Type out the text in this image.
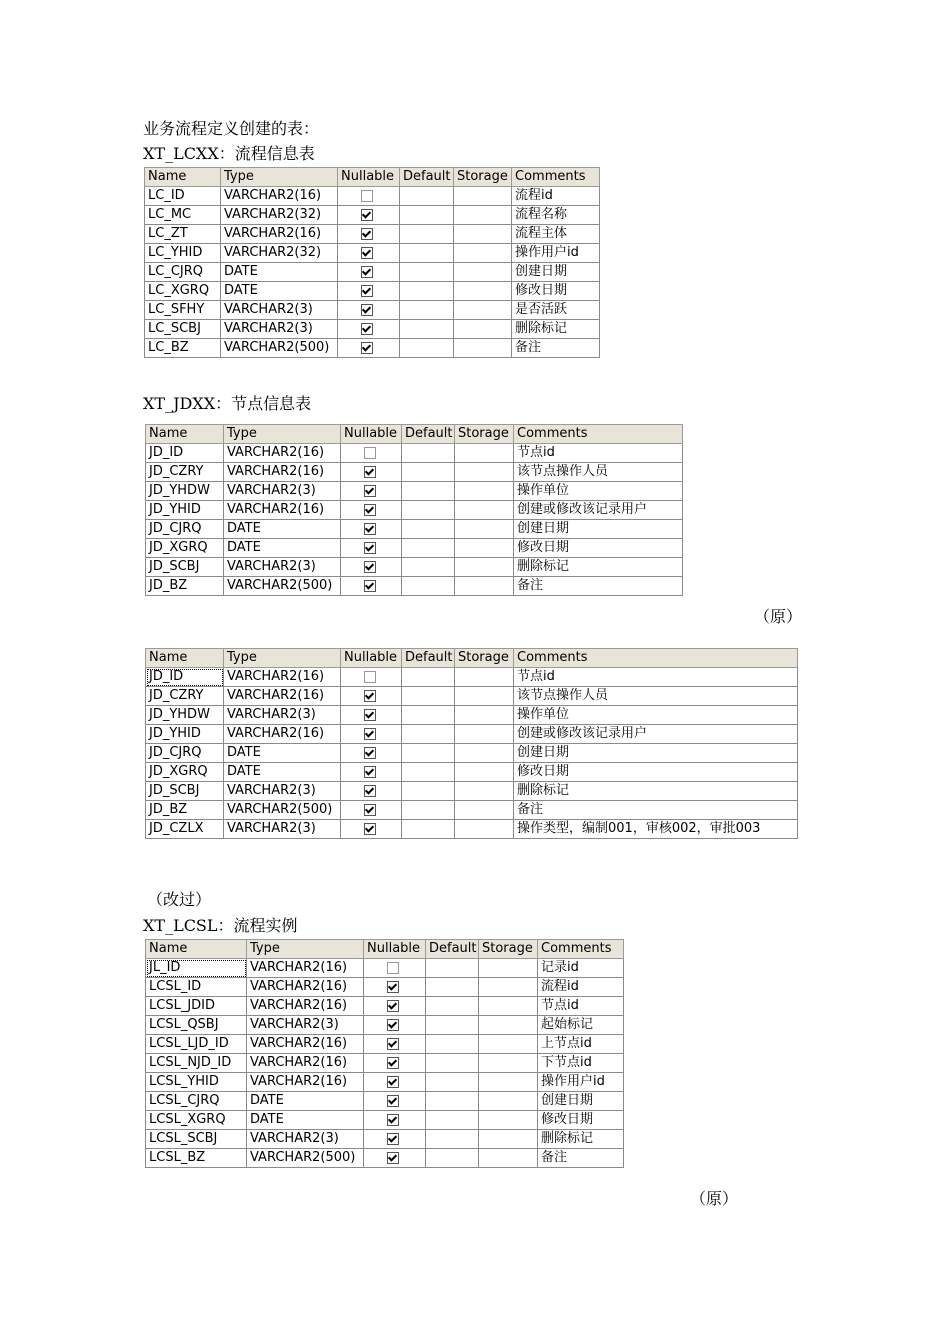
业务流程定义创建的表：
XT_LCXX：流程信息表
Name	Type	Nullable	Default	Storage	Comments
LC_ID	VARCHAR2(16)				流程id
LC_MC	VARCHAR2(32)				流程名称
LC_ZT	VARCHAR2(16)				流程主体
LC_YHID	VARCHAR2(32)				操作用户id
LC_CJRQ	DATE				创建日期
LC_XGRQ	DATE				修改日期
LC_SFHY	VARCHAR2(3)				是否活跃
LC_SCBJ	VARCHAR2(3)				删除标记
LC_BZ	VARCHAR2(500)				备注
XT_JDXX：节点信息表
Name	Type	Nullable	Default	Storage	Comments
JD_ID	VARCHAR2(16)				节点id
JD_CZRY	VARCHAR2(16)				该节点操作人员
JD_YHDW	VARCHAR2(3)				操作单位
JD_YHID	VARCHAR2(16)				创建或修改该记录用户
JD_CJRQ	DATE				创建日期
JD_XGRQ	DATE				修改日期
JD_SCBJ	VARCHAR2(3)				删除标记
JD_BZ	VARCHAR2(500)				备注
（原）
Name	Type	Nullable	Default	Storage	Comments
JD_ID	VARCHAR2(16)				节点id
JD_CZRY	VARCHAR2(16)				该节点操作人员
JD_YHDW	VARCHAR2(3)				操作单位
JD_YHID	VARCHAR2(16)				创建或修改该记录用户
JD_CJRQ	DATE				创建日期
JD_XGRQ	DATE				修改日期
JD_SCBJ	VARCHAR2(3)				删除标记
JD_BZ	VARCHAR2(500)				备注
JD_CZLX	VARCHAR2(3)				操作类型，编制001，审核002，审批003
（改过）
XT_LCSL：流程实例
Name	Type	Nullable	Default	Storage	Comments
JL_ID	VARCHAR2(16)				记录id
LCSL_ID	VARCHAR2(16)				流程id
LCSL_JDID	VARCHAR2(16)				节点id
LCSL_QSBJ	VARCHAR2(3)				起始标记
LCSL_LJD_ID	VARCHAR2(16)				上节点id
LCSL_NJD_ID	VARCHAR2(16)				下节点id
LCSL_YHID	VARCHAR2(16)				操作用户id
LCSL_CJRQ	DATE				创建日期
LCSL_XGRQ	DATE				修改日期
LCSL_SCBJ	VARCHAR2(3)				删除标记
LCSL_BZ	VARCHAR2(500)				备注
（原）
